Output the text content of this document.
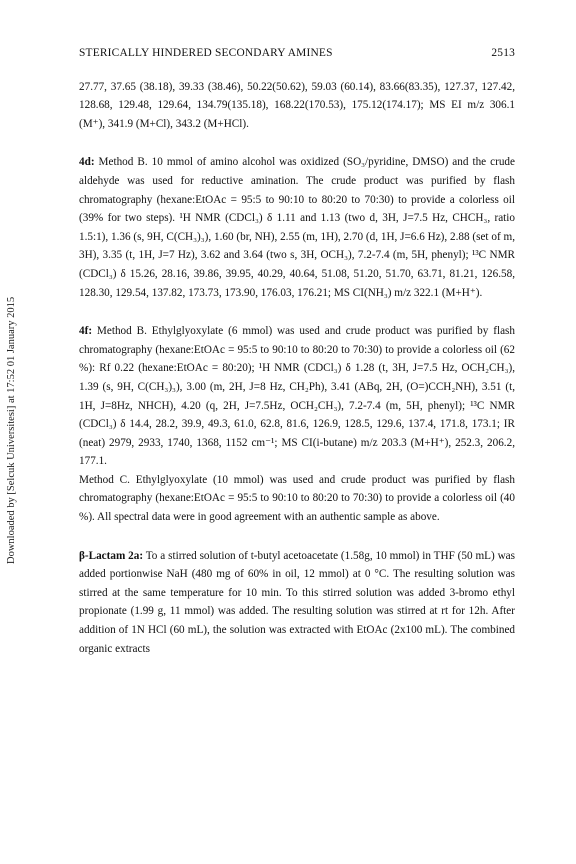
Downloaded by [Selcuk Universitesi] at 17:52 01 January 2015
STERICALLY HINDERED SECONDARY AMINES	2513

27.77, 37.65 (38.18), 39.33 (38.46), 50.22(50.62), 59.03 (60.14), 83.66(83.35), 127.37, 127.42, 128.68, 129.48, 129.64, 134.79(135.18), 168.22(170.53), 175.12(174.17); MS EI m/z 306.1 (M⁺), 341.9 (M+Cl), 343.2 (M+HCl).

4d: Method B. 10 mmol of amino alcohol was oxidized (SO₃/pyridine, DMSO) and the crude aldehyde was used for reductive amination. The crude product was purified by flash chromatography (hexane:EtOAc = 95:5 to 90:10 to 80:20 to 70:30) to provide a colorless oil (39% for two steps). ¹H NMR (CDCl₃) δ 1.11 and 1.13 (two d, 3H, J=7.5 Hz, CHCH₃, ratio 1.5:1), 1.36 (s, 9H, C(CH₃)₃), 1.60 (br, NH), 2.55 (m, 1H), 2.70 (d, 1H, J=6.6 Hz), 2.88 (set of m, 3H), 3.35 (t, 1H, J=7 Hz), 3.62 and 3.64 (two s, 3H, OCH₃), 7.2-7.4 (m, 5H, phenyl); ¹³C NMR (CDCl₃) δ 15.26, 28.16, 39.86, 39.95, 40.29, 40.64, 51.08, 51.20, 51.70, 63.71, 81.21, 126.58, 128.30, 129.54, 137.82, 173.73, 173.90, 176.03, 176.21; MS CI(NH₃) m/z 322.1 (M+H⁺).

4f: Method B. Ethylglyoxylate (6 mmol) was used and crude product was purified by flash chromatography (hexane:EtOAc = 95:5 to 90:10 to 80:20 to 70:30) to provide a colorless oil (62 %): Rf 0.22 (hexane:EtOAc = 80:20); ¹H NMR (CDCl₃) δ 1.28 (t, 3H, J=7.5 Hz, OCH₂CH₃), 1.39 (s, 9H, C(CH₃)₃), 3.00 (m, 2H, J=8 Hz, CH₂Ph), 3.41 (ABq, 2H, (O=)CCH₂NH), 3.51 (t, 1H, J=8Hz, NHCH), 4.20 (q, 2H, J=7.5Hz, OCH₂CH₃), 7.2-7.4 (m, 5H, phenyl); ¹³C NMR (CDCl₃) δ 14.4, 28.2, 39.9, 49.3, 61.0, 62.8, 81.6, 126.9, 128.5, 129.6, 137.4, 171.8, 173.1; IR (neat) 2979, 2933, 1740, 1368, 1152 cm⁻¹; MS CI(i-butane) m/z 203.3 (M+H⁺), 252.3, 206.2, 177.1.

Method C. Ethylglyoxylate (10 mmol) was used and crude product was purified by flash chromatography (hexane:EtOAc = 95:5 to 90:10 to 80:20 to 70:30) to provide a colorless oil (40 %). All spectral data were in good agreement with an authentic sample as above.

β-Lactam 2a: To a stirred solution of t-butyl acetoacetate (1.58g, 10 mmol) in THF (50 mL) was added portionwise NaH (480 mg of 60% in oil, 12 mmol) at 0 °C. The resulting solution was stirred at the same temperature for 10 min. To this stirred solution was added 3-bromo ethyl propionate (1.99 g, 11 mmol) was added. The resulting solution was stirred at rt for 12h. After addition of 1N HCl (60 mL), the solution was extracted with EtOAc (2x100 mL). The combined organic extracts
